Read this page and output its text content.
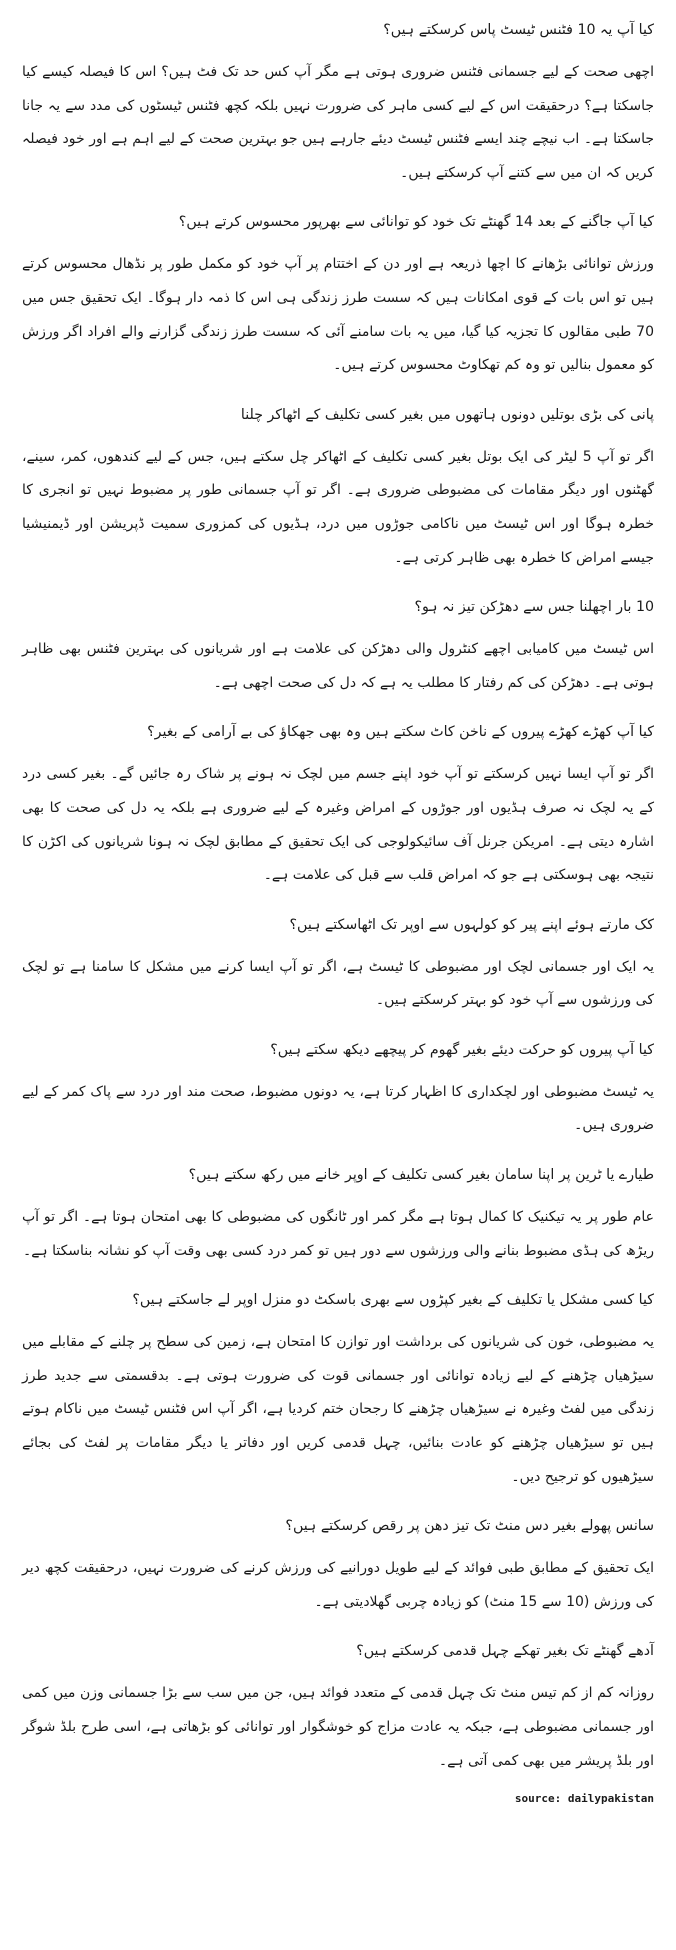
کیا آپ یہ 10 فٹنس ٹیسٹ پاس کرسکتے ہیں؟
اچھی صحت کے لیے جسمانی فٹنس ضروری ہوتی ہے مگر آپ کس حد تک فٹ ہیں؟ اس کا فیصلہ کیسے کیا جاسکتا ہے؟ درحقیقت اس کے لیے کسی ماہر کی ضرورت نہیں بلکہ کچھ فٹنس ٹیسٹوں کی مدد سے یہ جانا جاسکتا ہے۔ اب نیچے چند ایسے فٹنس ٹیسٹ دیئے جارہے ہیں جو بہترین صحت کے لیے اہم ہے اور خود فیصلہ کریں کہ ان میں سے کتنے آپ کرسکتے ہیں۔
کیا آپ جاگنے کے بعد 14 گھنٹے تک خود کو توانائی سے بھرپور محسوس کرتے ہیں؟
ورزش توانائی بڑھانے کا اچھا ذریعہ ہے اور دن کے اختتام پر آپ خود کو مکمل طور پر نڈھال محسوس کرتے ہیں تو اس بات کے قوی امکانات ہیں کہ سست طرز زندگی ہی اس کا ذمہ دار ہوگا۔ ایک تحقیق جس میں 70 طبی مقالوں کا تجزیہ کیا گیا، میں یہ بات سامنے آئی کہ سست طرز زندگی گزارنے والے افراد اگر ورزش کو معمول بنالیں تو وہ کم تھکاوٹ محسوس کرتے ہیں۔
پانی کی بڑی بوتلیں دونوں ہاتھوں میں بغیر کسی تکلیف کے اٹھاکر چلنا
اگر تو آپ 5 لیٹر کی ایک بوتل بغیر کسی تکلیف کے اٹھاکر چل سکتے ہیں، جس کے لیے کندھوں، کمر، سینے، گھٹنوں اور دیگر مقامات کی مضبوطی ضروری ہے۔ اگر تو آپ جسمانی طور پر مضبوط نہیں تو انجری کا خطرہ ہوگا اور اس ٹیسٹ میں ناکامی جوڑوں میں درد، ہڈیوں کی کمزوری سمیت ڈپریشن اور ڈیمنیشیا جیسے امراض کا خطرہ بھی ظاہر کرتی ہے۔
10 بار اچھلنا جس سے دھڑکن تیز نہ ہو؟
اس ٹیسٹ میں کامیابی اچھے کنٹرول والی دھڑکن کی علامت ہے اور شریانوں کی بہترین فٹنس بھی ظاہر ہوتی ہے۔ دھڑکن کی کم رفتار کا مطلب یہ ہے کہ دل کی صحت اچھی ہے۔
کیا آپ کھڑے کھڑے پیروں کے ناخن کاٹ سکتے ہیں وہ بھی جھکاؤ کی بے آرامی کے بغیر؟
اگر تو آپ ایسا نہیں کرسکتے تو آپ خود اپنے جسم میں لچک نہ ہونے پر شاک رہ جائیں گے۔ بغیر کسی درد کے یہ لچک نہ صرف ہڈیوں اور جوڑوں کے امراض وغیرہ کے لیے ضروری ہے بلکہ یہ دل کی صحت کا بھی اشارہ دیتی ہے۔ امریکن جرنل آف سائیکولوجی کی ایک تحقیق کے مطابق لچک نہ ہونا شریانوں کی اکڑن کا نتیجہ بھی ہوسکتی ہے جو کہ امراض قلب سے قبل کی علامت ہے۔
کک مارتے ہوئے اپنے پیر کو کولہوں سے اوپر تک اٹھاسکتے ہیں؟
یہ ایک اور جسمانی لچک اور مضبوطی کا ٹیسٹ ہے، اگر تو آپ ایسا کرنے میں مشکل کا سامنا ہے تو لچک کی ورزشوں سے آپ خود کو بہتر کرسکتے ہیں۔
کیا آپ پیروں کو حرکت دیئے بغیر گھوم کر پیچھے دیکھ سکتے ہیں؟
یہ ٹیسٹ مضبوطی اور لچکداری کا اظہار کرتا ہے، یہ دونوں مضبوط، صحت مند اور درد سے پاک کمر کے لیے ضروری ہیں۔
طیارے یا ٹرین پر اپنا سامان بغیر کسی تکلیف کے اوپر خانے میں رکھ سکتے ہیں؟
عام طور پر یہ تیکنیک کا کمال ہوتا ہے مگر کمر اور ٹانگوں کی مضبوطی کا بھی امتحان ہوتا ہے۔ اگر تو آپ ریڑھ کی ہڈی مضبوط بنانے والی ورزشوں سے دور ہیں تو کمر درد کسی بھی وقت آپ کو نشانہ بناسکتا ہے۔
کیا کسی مشکل یا تکلیف کے بغیر کپڑوں سے بھری باسکٹ دو منزل اوپر لے جاسکتے ہیں؟
یہ مضبوطی، خون کی شریانوں کی برداشت اور توازن کا امتحان ہے، زمین کی سطح پر چلنے کے مقابلے میں سیڑھیاں چڑھنے کے لیے زیادہ توانائی اور جسمانی قوت کی ضرورت ہوتی ہے۔ بدقسمتی سے جدید طرز زندگی میں لفٹ وغیرہ نے سیڑھیاں چڑھنے کا رجحان ختم کردیا ہے، اگر آپ اس فٹنس ٹیسٹ میں ناکام ہوتے ہیں تو سیڑھیاں چڑھنے کو عادت بنائیں، چہل قدمی کریں اور دفاتر یا دیگر مقامات پر لفٹ کی بجائے سیڑھیوں کو ترجیح دیں۔
سانس پھولے بغیر دس منٹ تک تیز دھن پر رقص کرسکتے ہیں؟
ایک تحقیق کے مطابق طبی فوائد کے لیے طویل دورانیے کی ورزش کرنے کی ضرورت نہیں، درحقیقت کچھ دیر کی ورزش (10 سے 15 منٹ) کو زیادہ چربی گھلادیتی ہے۔
آدھے گھنٹے تک بغیر تھکے چہل قدمی کرسکتے ہیں؟
روزانہ کم از کم تیس منٹ تک چہل قدمی کے متعدد فوائد ہیں، جن میں سب سے بڑا جسمانی وزن میں کمی اور جسمانی مضبوطی ہے، جبکہ یہ عادت مزاج کو خوشگوار اور توانائی کو بڑھاتی ہے، اسی طرح بلڈ شوگر اور بلڈ پریشر میں بھی کمی آتی ہے۔
source: dailypakistan
